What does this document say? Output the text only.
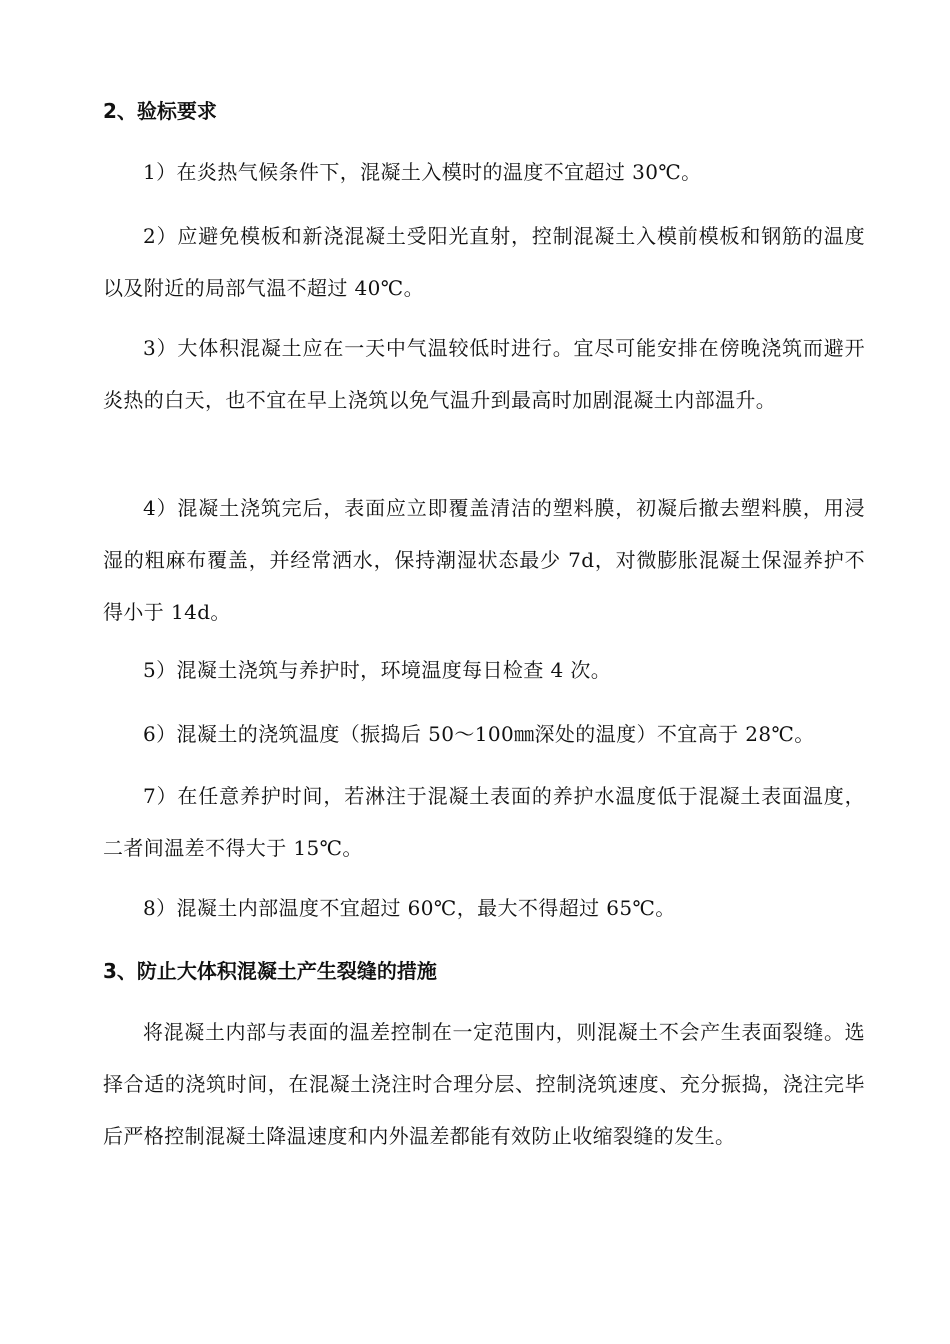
2、验标要求

1）在炎热气候条件下，混凝土入模时的温度不宜超过 30℃。

2）应避免模板和新浇混凝土受阳光直射，控制混凝土入模前模板和钢筋的温度以及附近的局部气温不超过 40℃。

3）大体积混凝土应在一天中气温较低时进行。宜尽可能安排在傍晚浇筑而避开炎热的白天，也不宜在早上浇筑以免气温升到最高时加剧混凝土内部温升。

4）混凝土浇筑完后，表面应立即覆盖清洁的塑料膜，初凝后撤去塑料膜，用浸湿的粗麻布覆盖，并经常洒水，保持潮湿状态最少 7d，对微膨胀混凝土保湿养护不得小于 14d。

5）混凝土浇筑与养护时，环境温度每日检查 4 次。

6）混凝土的浇筑温度（振捣后 50～100㎜深处的温度）不宜高于 28℃。

7）在任意养护时间，若淋注于混凝土表面的养护水温度低于混凝土表面温度，二者间温差不得大于 15℃。

8）混凝土内部温度不宜超过 60℃，最大不得超过 65℃。

3、防止大体积混凝土产生裂缝的措施

将混凝土内部与表面的温差控制在一定范围内，则混凝土不会产生表面裂缝。选择合适的浇筑时间，在混凝土浇注时合理分层、控制浇筑速度、充分振捣，浇注完毕后严格控制混凝土降温速度和内外温差都能有效防止收缩裂缝的发生。
